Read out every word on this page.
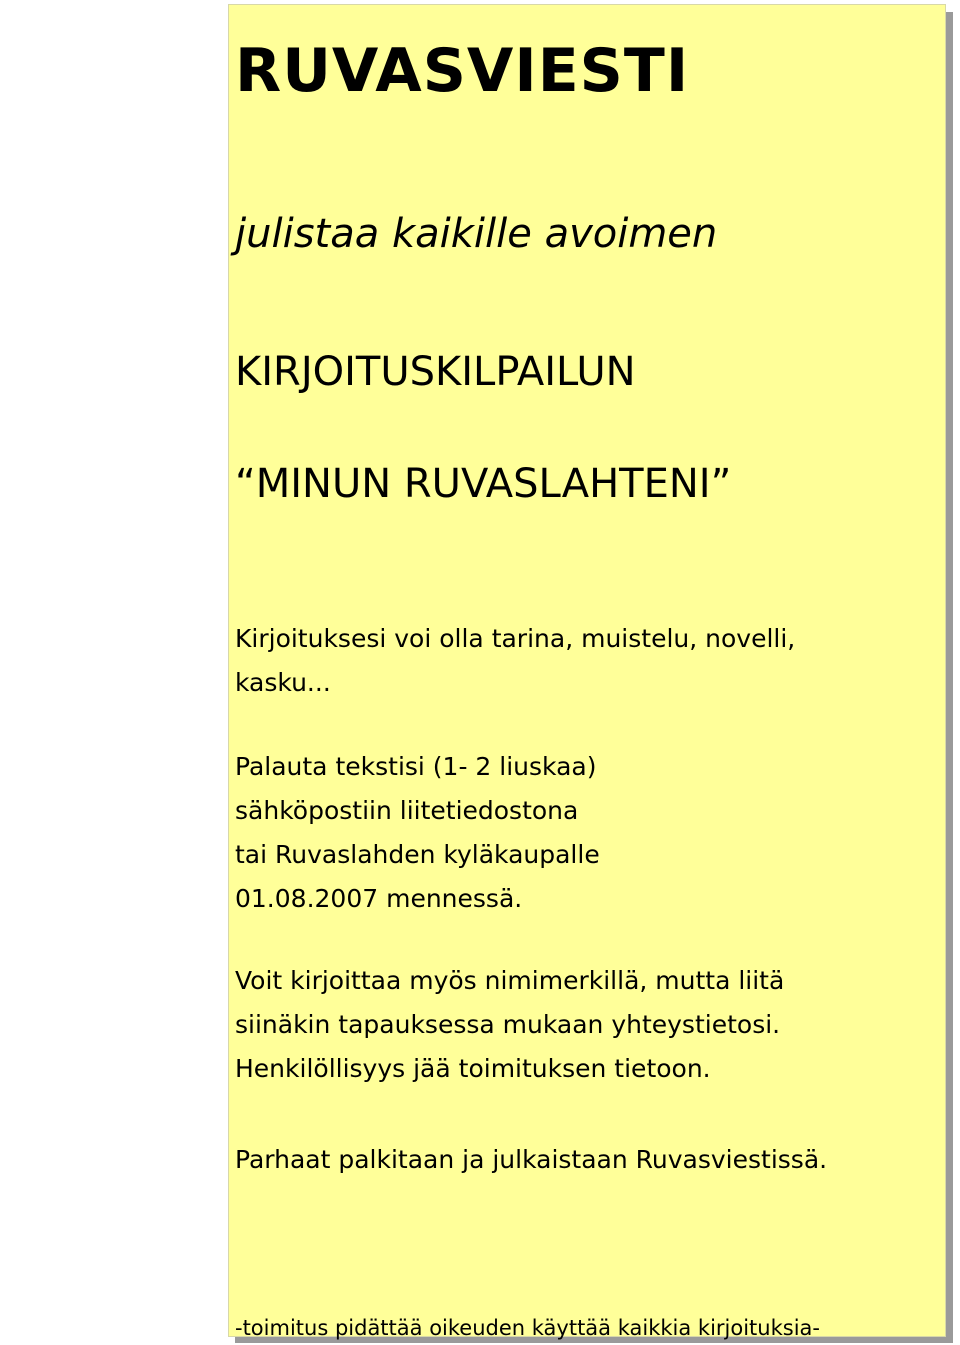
RUVASVIESTI
julistaa kaikille avoimen
KIRJOITUSKILPAILUN
“MINUN RUVASLAHTENI”
Kirjoituksesi voi olla tarina, muistelu, novelli,
kasku...
Palauta tekstisi (1- 2 liuskaa)
sähköpostiin liitetiedostona
tai Ruvaslahden kyläkaupalle
01.08.2007 mennessä.
Voit kirjoittaa myös nimimerkillä, mutta liitä
siinäkin tapauksessa mukaan yhteystietosi.
Henkilöllisyys jää toimituksen tietoon.
Parhaat palkitaan ja julkaistaan Ruvasviestissä.
-toimitus pidättää oikeuden käyttää kaikkia kirjoituksia-
